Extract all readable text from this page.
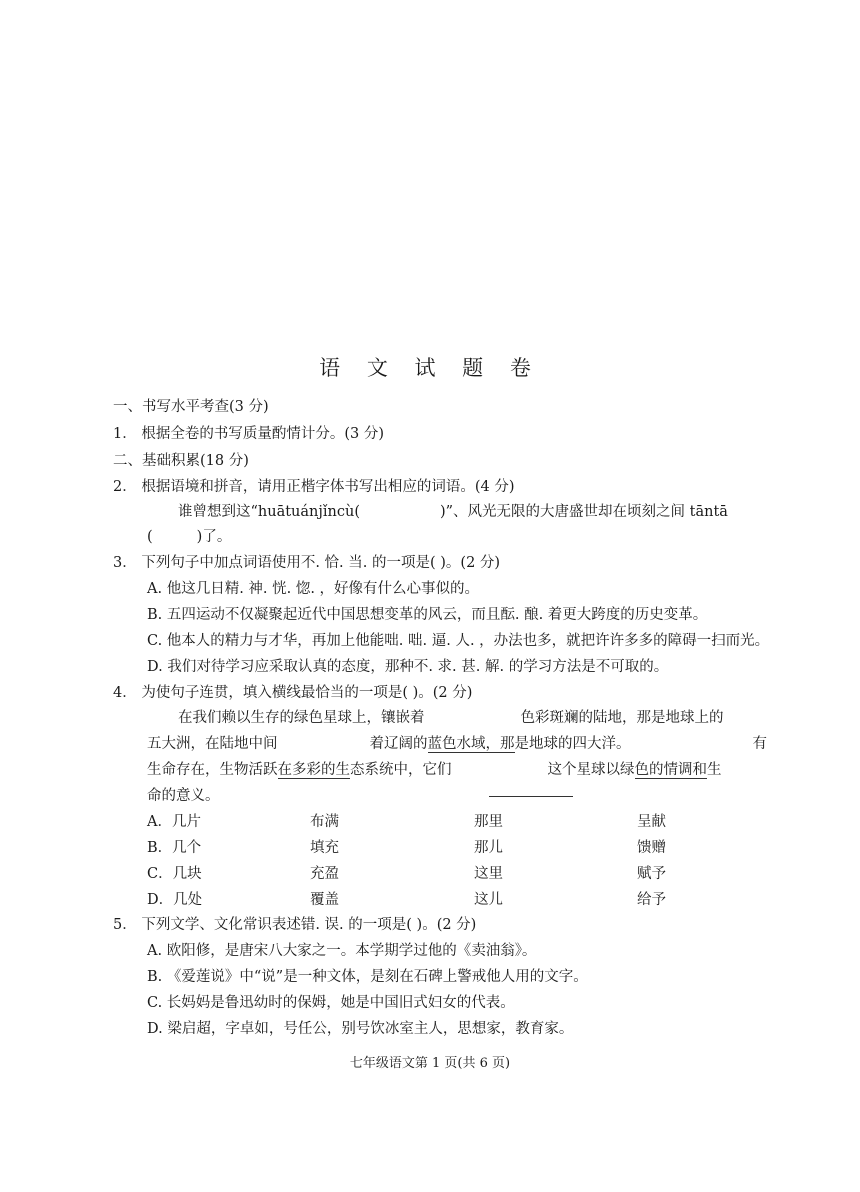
语 文 试 题 卷
一、书写水平考查(3 分)
1． 根据全卷的书写质量酌情计分。(3 分)
二、基础积累(18 分)
2． 根据语境和拼音，请用正楷字体书写出相应的词语。(4 分)
谁曾想到这“huātuánjǐncù(	)”、风光无限的大唐盛世却在顷刻之间 tāntā
(	)了。
3． 下列句子中加点词语使用不. 恰. 当. 的一项是( )。(2 分)
A. 他这几日精. 神. 恍. 惚. ，好像有什么心事似的。
B. 五四运动不仅凝聚起近代中国思想变革的风云，而且酝. 酿. 着更大跨度的历史变革。
C. 他本人的精力与才华，再加上他能咄. 咄. 逼. 人. ，办法也多，就把许许多多的障碍一扫而光。
D. 我们对待学习应采取认真的态度，那种不. 求. 甚. 解. 的学习方法是不可取的。
4． 为使句子连贯，填入横线最恰当的一项是( )。(2 分)
在我们赖以生存的绿色星球上，镶嵌着	色彩斑斓的陆地，那是地球上的
五大洲，在陆地中间	着辽阔的蓝色水域，那是地球的四大洋。	有
生命存在，生物活跃在多彩的生态系统中，它们	这个星球以绿色的情调和生
命的意义。
A．几片	布满	那里	呈献
B．几个	填充	那儿	馈赠
C．几块	充盈	这里	赋予
D．几处	覆盖	这儿	给予
5． 下列文学、文化常识表述错. 误. 的一项是( )。(2 分)
A. 欧阳修，是唐宋八大家之一。本学期学过他的《卖油翁》。
B. 《爱莲说》中“说”是一种文体，是刻在石碑上警戒他人用的文字。
C. 长妈妈是鲁迅幼时的保姆，她是中国旧式妇女的代表。
D. 梁启超，字卓如，号任公，别号饮冰室主人，思想家，教育家。
七年级语文第 1 页(共 6 页)
